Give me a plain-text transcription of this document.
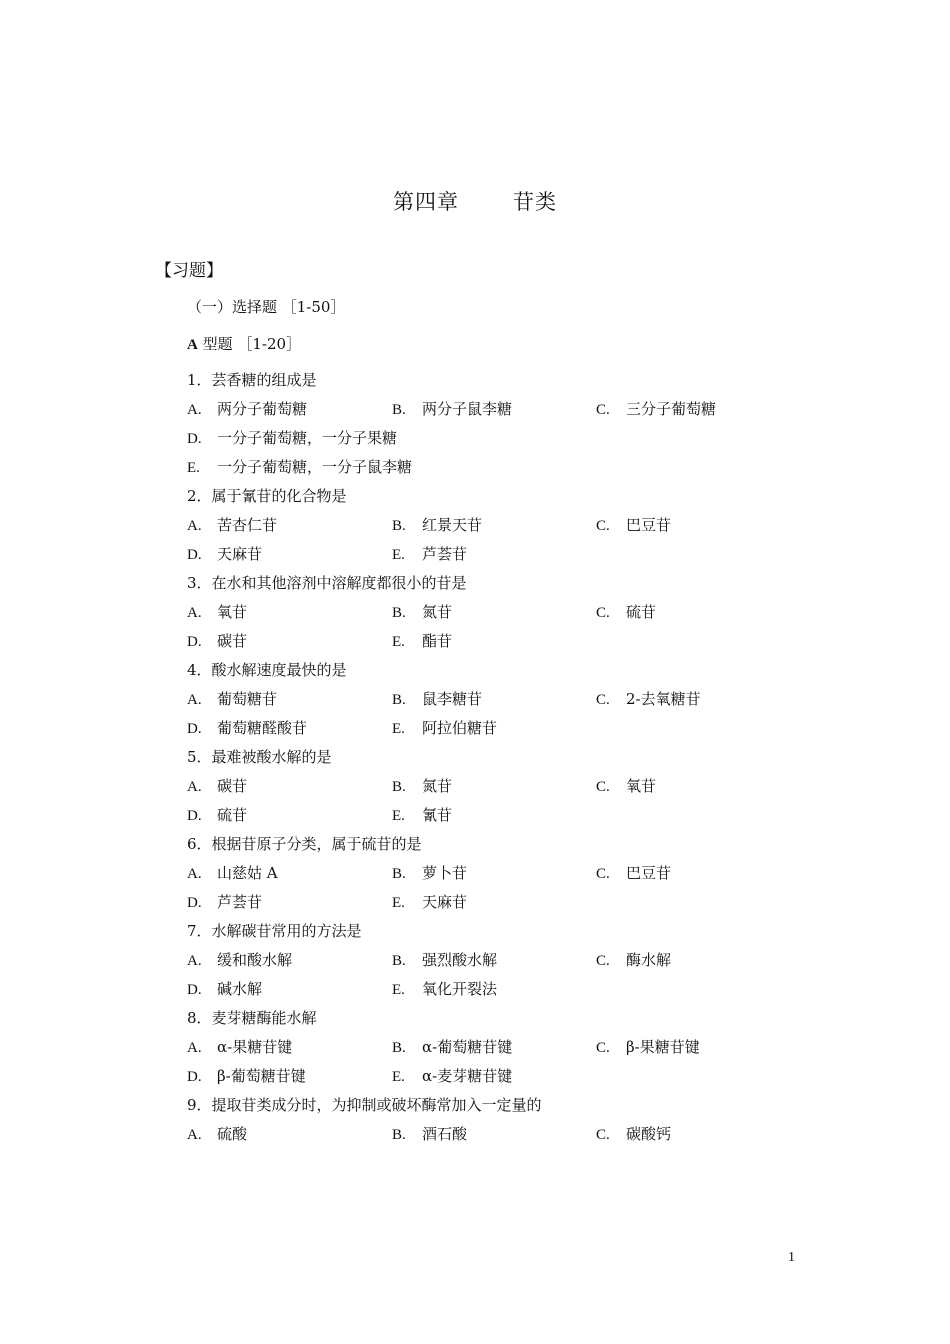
第四章	苷类
【习题】
（一）选择题 ［1-50］
A 型题 ［1-20］
1．芸香糖的组成是
A. 两分子葡萄糖	B. 两分子鼠李糖	C. 三分子葡萄糖
D. 一分子葡萄糖，一分子果糖
E. 一分子葡萄糖，一分子鼠李糖
2．属于氰苷的化合物是
A. 苦杏仁苷	B. 红景天苷	C. 巴豆苷
D. 天麻苷	E. 芦荟苷
3．在水和其他溶剂中溶解度都很小的苷是
A. 氧苷	B. 氮苷	C. 硫苷
D. 碳苷	E. 酯苷
4．酸水解速度最快的是
A. 葡萄糖苷	B. 鼠李糖苷	C. 2-去氧糖苷
D. 葡萄糖醛酸苷	E. 阿拉伯糖苷
5．最难被酸水解的是
A. 碳苷	B. 氮苷	C. 氧苷
D. 硫苷	E. 氰苷
6．根据苷原子分类，属于硫苷的是
A. 山慈姑 A	B. 萝卜苷	C. 巴豆苷
D. 芦荟苷	E. 天麻苷
7．水解碳苷常用的方法是
A. 缓和酸水解	B. 强烈酸水解	C. 酶水解
D. 碱水解	E. 氧化开裂法
8．麦芽糖酶能水解
A. α-果糖苷键	B. α-葡萄糖苷键	C. β-果糖苷键
D. β-葡萄糖苷键	E. α-麦芽糖苷键
9．提取苷类成分时，为抑制或破坏酶常加入一定量的
A. 硫酸	B. 酒石酸	C. 碳酸钙
1
